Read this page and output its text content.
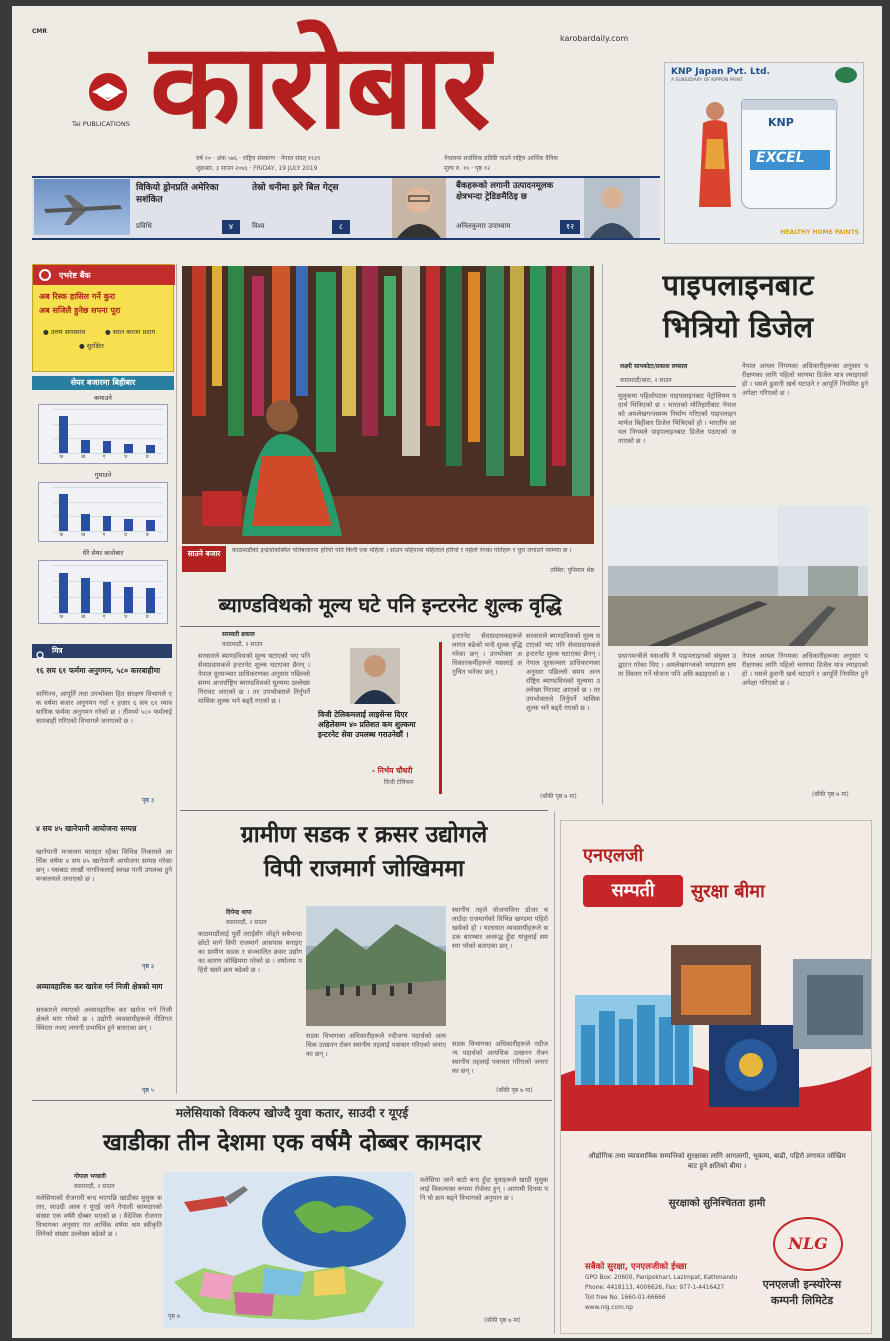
CMR
karobardaily.com
Tai PUBLICATIONS कारोबार
वर्ष १० · अंक ५७६ · राष्ट्रिय संस्करण · नेपाल संवत् ११३९
शुक्रबार, ३ साउन २०७६ · FRIDAY, 19 JULY 2019
नेपालमा सर्वाधिक प्रविष्टि पाउने राष्ट्रिय आर्थिक दैनिक
मूल्य रु. १० · पृष्ठ १२
KNP Japan Pvt. Ltd.
A SUBSIDIARY OF NIPPON PAINT
KNP
EXCEL
HEALTHY HOME PAINTS
विकियो ड्रोनप्रति अमेरिका सशंकित
प्रविधि	४
तेस्रो धनीमा झरे बिल गेट्स
विश्व	८
बैंकहरूको लगानी उत्पादनमूलक क्षेत्रभन्दा ट्रेडिङमैठिइ छ
अनिलकुमार उपाध्याय	१२
एभरेष्ट बैंक
अब रिस्क हासिल गर्ने कुरा
अब सजिलै हुनेछ सपना पूरा
● उत्तम साथसाथ	● सरल करजा प्रदाय
● सुरक्षित
सेयर बजारमा बिहीबार
कमाउने
क	ख	ग	घ	ङ
गुमाउने
क	ख	ग	घ	ङ
धेरै सेयर कारोबार
क	ख	ग	घ	ङ
साउने बजार	काठमाडौंको इन्द्रचोकस्थित पोतेबजारमा हरियो पोते किन्दै एक महिला । साउन महिनामा महिलाले हरियो र पहेंलो रंगका पोतेहरू र चुरा लगाउने परम्परा छ ।
तस्बिर: पुनिमान श्रेष्ठ
पाइपलाइनबाट
भित्रियो डिजेल
लक्ष्मी सापकोटा/प्रकाश लम्साल
काठमाडौं/बारा, २ साउन
मुलुकमा पहिलोपटक पाइपलाइनबाट पेट्रोलियम पदार्थ भित्रिएको छ । भारतको मोतिहारीबाट नेपालको अमलेखगन्जसम्म निर्माण गरिएको पाइपलाइनमार्फत बिहीबार डिजेल भित्रिएको हो । भारतीय आयल निगमले पाइपलाइनबाट डिजेल पठाएको जनाएको छ ।
नेपाल आयल निगमका अधिकारीहरूका अनुसार परीक्षणका लागि पहिलो चरणमा डिजेल मात्र ल्याइएको हो । यसले ढुवानी खर्च घटाउने र आपूर्ति नियमित हुने अपेक्षा गरिएको छ ।
प्रधानमन्त्रीले यसअघि नै पाइपलाइनको संयुक्त उद्घाटन गरेका थिए । अमलेखगन्जको भण्डारण क्षमता विस्तार गर्ने योजना पनि अघि बढाइएको छ ।
नेपाल आयल निगमका अधिकारीहरूका अनुसार परीक्षणका लागि पहिलो चरणमा डिजेल मात्र ल्याइएको हो । यसले ढुवानी खर्च घटाउने र आपूर्ति नियमित हुने अपेक्षा गरिएको छ ।
(बाँकी पृष्ठ ७ मा)
ब्याण्डविथको मूल्य घटे पनि इन्टरनेट शुल्क वृद्धि
सरस्वती ढकाल
काठमाडौं, २ साउन
सरकारले ब्याण्डविथको मूल्य घटाएको भए पनि सेवाप्रदायकले इन्टरनेट शुल्क घटाएका छैनन् । नेपाल दूरसञ्चार प्राधिकरणका अनुसार पछिल्लो समय अन्तर्राष्ट्रिय ब्याण्डविथको मूल्यमा उल्लेख्य गिरावट आएको छ । तर उपभोक्ताले तिर्नुपर्ने मासिक शुल्क भने बढ्दै गएको छ ।
विजी टेलिकमलाई लाइसेन्स दिएर अहिलेसम्म ४० प्रतिशत कम शुल्कमा इन्टरनेट सेवा उपलब्ध गराउनेछौं ।
- निर्भय चौधरी
विजी टेलिकम
इन्टरनेट सेवाप्रदायकहरूले लागत बढेको भन्दै शुल्क वृद्धि गरेका छन् । उपभोक्ता अधिकारकर्मीहरूले यसलाई अनुचित भनेका छन् ।
सरकारले ब्याण्डविथको मूल्य घटाएको भए पनि सेवाप्रदायकले इन्टरनेट शुल्क घटाएका छैनन् । नेपाल दूरसञ्चार प्राधिकरणका अनुसार पछिल्लो समय अन्तर्राष्ट्रिय ब्याण्डविथको मूल्यमा उल्लेख्य गिरावट आएको छ । तर उपभोक्ताले तिर्नुपर्ने मासिक शुल्क भने बढ्दै गएको छ ।
(बाँकी पृष्ठ ७ मा)
मित्र
१६ सय ६१ फर्ममा अनुगमन, ५८० कारबाहीमा
वाणिज्य, आपूर्ति तथा उपभोक्ता हित संरक्षण विभागले एक वर्षमा बजार अनुगमन गर्दा १ हजार ६ सय ६१ व्यावसायिक फर्ममा अनुगमन गरेको छ । तीमध्ये ५८० फर्मलाई कारबाही गरिएको विभागले जनाएको छ ।
पृष्ठ ३
४ सय ४५ खानेपानी आयोजना सम्पन्न
खानेपानी मन्त्रालय मातहत रहेका विभिन्न निकायले आर्थिक वर्षमा ४ सय ४५ खानेपानी आयोजना सम्पन्न गरेका छन् । यसबाट लाखौं नागरिकलाई स्वच्छ पानी उपलब्ध हुने मन्त्रालयले जनाएको छ ।
पृष्ठ ३
अव्यावहारिक कर खारेज गर्न निजी क्षेत्रको माग
सरकारले ल्याएको अव्यावहारिक कर खारेज गर्न निजी क्षेत्रले माग गरेको छ । उद्योगी व्यवसायीहरूले नीतिगत स्थिरता नभए लगानी प्रभावित हुने बताएका छन् ।
पृष्ठ ५
ग्रामीण सडक र क्रसर उद्योगले
विपी राजमार्ग जोखिममा
दिपेन्द्र थापा
काठमाडौं, २ साउन
काठमाडौंलाई पूर्वी तराईसँग जोड्ने सबैभन्दा छोटो मार्ग विपी राजमार्ग आसपास बनाइएका ग्रामीण सडक र सञ्चालित क्रसर उद्योगका कारण जोखिममा परेको छ । वर्षातमा पहिरो खस्ने क्रम बढेको छ ।
स्थानीय तहले योजनाविना डोजर चलाउँदा राजमार्गको विभिन्न खण्डमा पहिरो खसेको हो । यातायात व्यवसायीहरूले सडक बारम्बार अवरुद्ध हुँदा यात्रुलाई समस्या परेको बताएका छन् ।
सडक विभागका अधिकारीहरूले नदीजन्य पदार्थको अत्यधिक उत्खनन रोक्न स्थानीय तहलाई पत्राचार गरिएको जनाएका छन् ।
सडक विभागका अधिकारीहरूले नदीजन्य पदार्थको अत्यधिक उत्खनन रोक्न स्थानीय तहलाई पत्राचार गरिएको जनाएका छन् ।
(बाँकी पृष्ठ ७ मा)
मलेसियाको विकल्प खोज्दै युवा कतार, साउदी र यूएई
खाडीका तीन देशमा एक वर्षमै दोब्बर कामदार
गोपाल भण्डारी
काठमाडौं, २ साउन
मलेसियाको रोजगारी बन्द भएपछि खाडीका मुलुक कतार, साउदी अरब र यूएई जाने नेपाली कामदारको संख्या एक वर्षमै दोब्बर भएको छ । वैदेशिक रोजगार विभागका अनुसार गत आर्थिक वर्षमा श्रम स्वीकृति लिनेको संख्या उल्लेख्य बढेको छ ।
पृष्ठ ७
मलेसिया जाने बाटो बन्द हुँदा युवाहरूले खाडी मुलुकलाई विकल्पका रूपमा रोजेका हुन् । आगामी दिनमा पनि यो क्रम बढ्ने विभागको अनुमान छ ।
(बाँकी पृष्ठ ७ मा)
एनएलजी
सम्पती	सुरक्षा बीमा
औद्योगिक तथा व्यावसायिक सम्पत्तिको सुरक्षाका लागि आगलागी, भूकम्प, बाढी, पहिरो लगायत जोखिमबाट हुने क्षतिको बीमा ।
सुरक्षाको सुनिश्चितता हामी
NLG
सबैको सुरक्षा, एनएलजीको ईच्छा
GPO Box: 20600, Panipokhari, Lazimpat, Kathmandu
Phone: 4418113, 4006626, Fax: 977-1-4416427
Toll free No. 1660-01-66666
www.nlg.com.np
एनएलजी इन्स्योरेन्स
कम्पनी लिमिटेड
